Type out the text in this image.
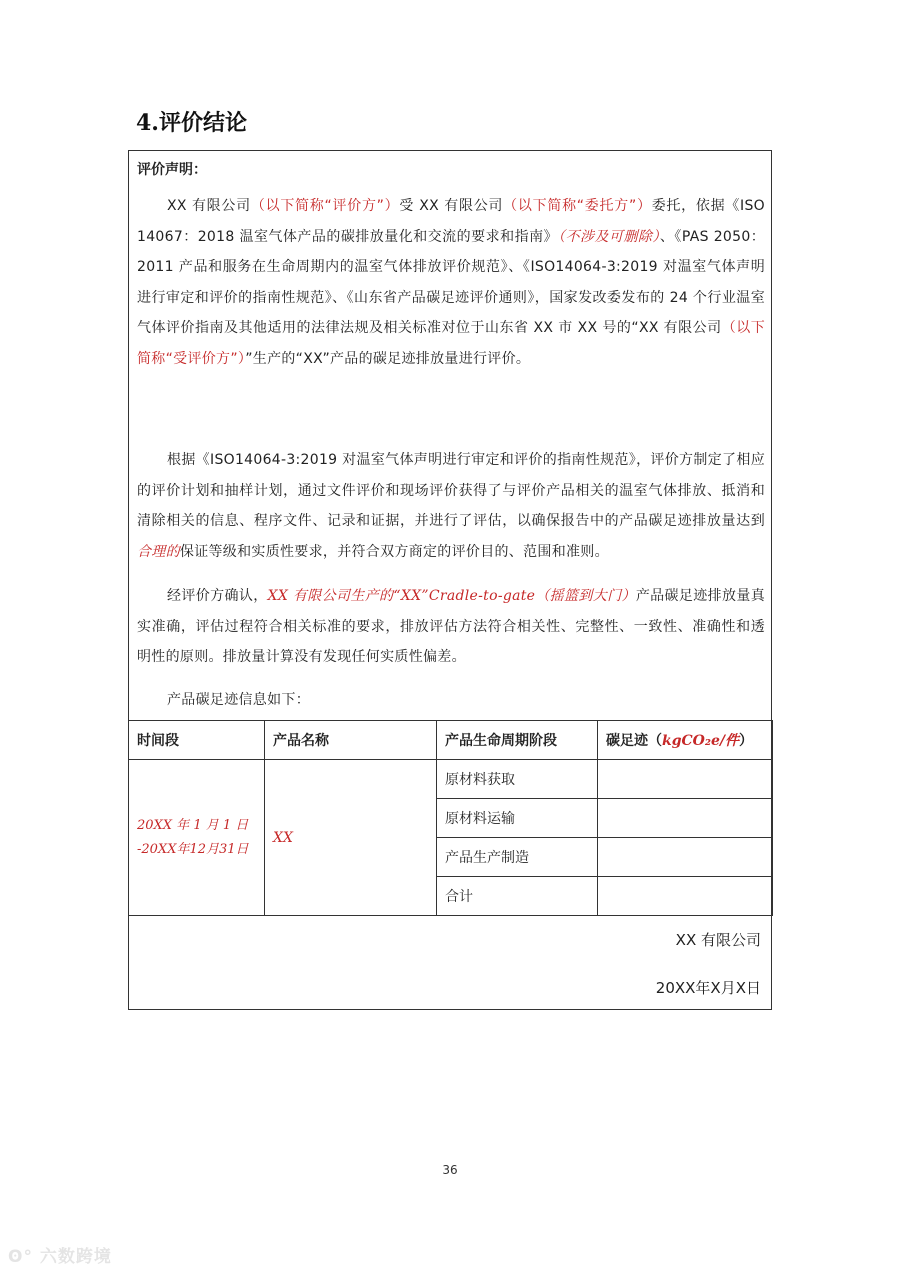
4.评价结论
评价声明：
XX 有限公司（以下简称“评价方”）受 XX 有限公司（以下简称“委托方”）委托，依据《ISO 14067：2018 温室气体产品的碳排放量化和交流的要求和指南》（不涉及可删除）、《PAS 2050：2011 产品和服务在生命周期内的温室气体排放评价规范》、《ISO14064-3:2019 对温室气体声明进行审定和评价的指南性规范》、《山东省产品碳足迹评价通则》，国家发改委发布的 24 个行业温室气体评价指南及其他适用的法律法规及相关标准对位于山东省 XX 市 XX 号的“XX 有限公司（以下简称“受评价方”）”生产的“XX”产品的碳足迹排放量进行评价。
根据《ISO14064-3:2019 对温室气体声明进行审定和评价的指南性规范》，评价方制定了相应的评价计划和抽样计划，通过文件评价和现场评价获得了与评价产品相关的温室气体排放、抵消和清除相关的信息、程序文件、记录和证据，并进行了评估，以确保报告中的产品碳足迹排放量达到合理的保证等级和实质性要求，并符合双方商定的评价目的、范围和准则。
经评价方确认，XX 有限公司生产的“XX”Cradle-to-gate（摇篮到大门）产品碳足迹排放量真实准确，评估过程符合相关标准的要求，排放评估方法符合相关性、完整性、一致性、准确性和透明性的原则。排放量计算没有发现任何实质性偏差。
产品碳足迹信息如下：
时间段	产品名称	产品生命周期阶段	碳足迹（kgCO₂e/件）

20XX 年 1 月 1 日
-20XX年12月31日	XX	原材料获取	
		原材料运输	
		产品生产制造	
		合计	
XX 有限公司
20XX年X月X日
36
ʘ° 六数跨境
